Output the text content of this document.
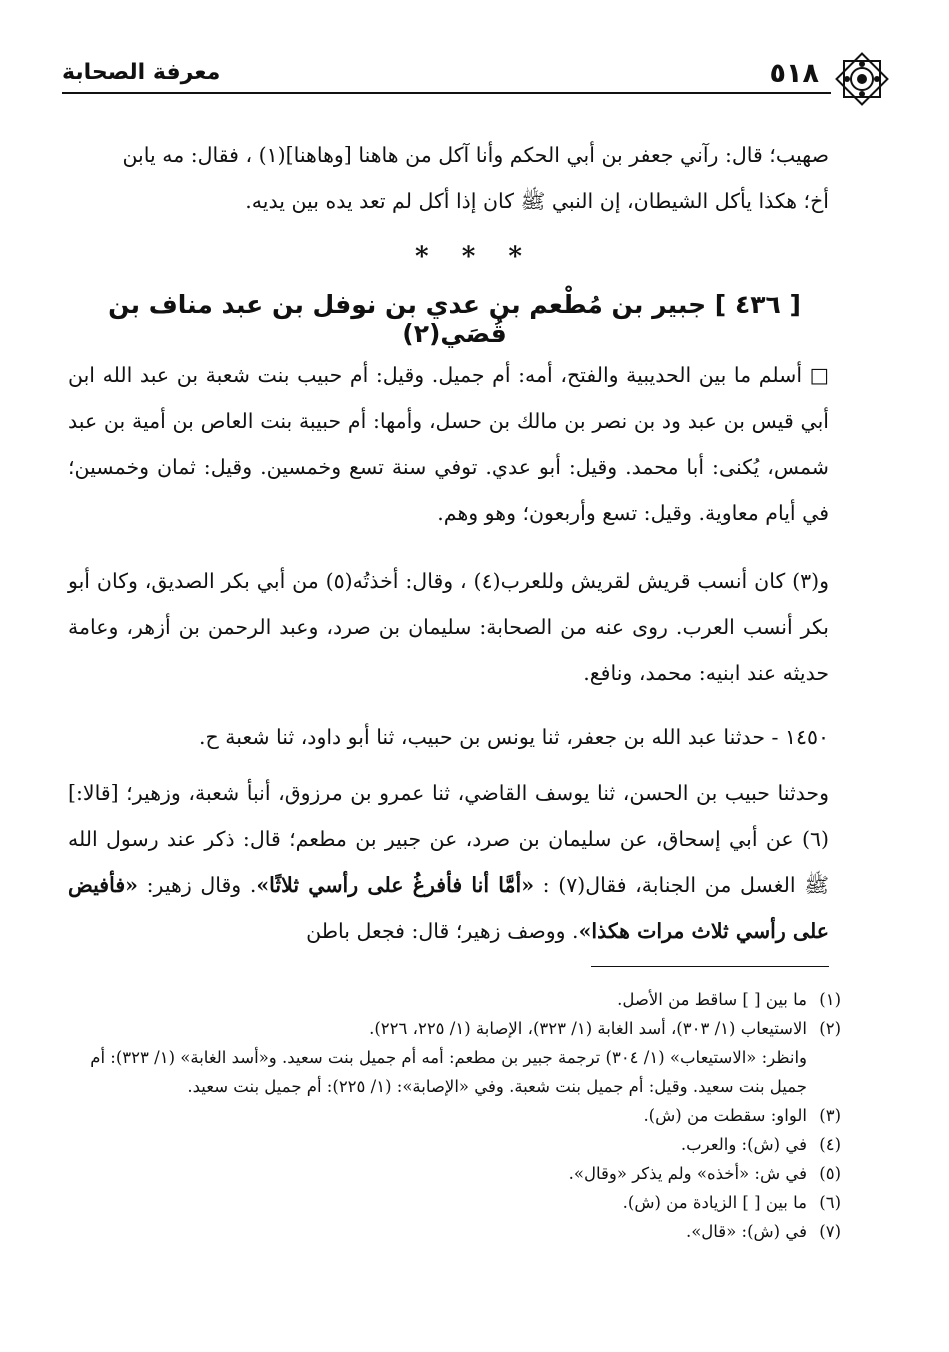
٥١٨
معرفة الصحابة

صهيب؛ قال: رآني جعفر بن أبي الحكم وأنا آكل من هاهنا [وهاهنا](١) ، فقال: مه يابن

أخ؛ هكذا يأكل الشيطان، إن النبي ﷺ كان إذا أكل لم تعد يده بين يديه.

* * *
[ ٤٣٦ ] جبير بن مُطْعم بن عدي بن نوفل بن عبد مناف بن قُصَي(٢)

□ أسلم ما بين الحديبية والفتح، أمه: أم جميل. وقيل: أم حبيب بنت شعبة بن عبد الله ابن أبي قيس بن عبد ود بن نصر بن مالك بن حسل، وأمها: أم حبيبة بنت العاص بن أمية بن عبد شمس، يُكنى: أبا محمد. وقيل: أبو عدي. توفي سنة تسع وخمسين. وقيل: ثمان وخمسين؛ في أيام معاوية. وقيل: تسع وأربعون؛ وهو وهم.

و(٣) كان أنسب قريش لقريش وللعرب(٤) ، وقال: أخذتُه(٥) من أبي بكر الصديق، وكان أبو بكر أنسب العرب. روى عنه من الصحابة: سليمان بن صرد، وعبد الرحمن بن أزهر، وعامة حديثه عند ابنيه: محمد، ونافع.

١٤٥٠ - حدثنا عبد الله بن جعفر، ثنا يونس بن حبيب، ثنا أبو داود، ثنا شعبة ح.

وحدثنا حبيب بن الحسن، ثنا يوسف القاضي، ثنا عمرو بن مرزوق، أنبأ شعبة، وزهير؛ [قالا:](٦) عن أبي إسحاق، عن سليمان بن صرد، عن جبير بن مطعم؛ قال: ذكر عند رسول الله ﷺ الغسل من الجنابة، فقال(٧) : «أمَّا أنا فأفرغُ على رأسي ثلاثًا». وقال زهير: «فأفيض على رأسي ثلاث مرات هكذا». ووصف زهير؛ قال: فجعل باطن

(١)ما بين [ ] ساقط من الأصل.

(٢)الاستيعاب (١/ ٣٠٣)، أسد الغابة (١/ ٣٢٣)، الإصابة (١/ ٢٢٥، ٢٢٦).

وانظر: «الاستيعاب» (١/ ٣٠٤) ترجمة جبير بن مطعم: أمه أم جميل بنت سعيد. و«أسد الغابة» (١/ ٣٢٣): أم جميل بنت سعيد. وقيل: أم جميل بنت شعبة. وفي «الإصابة»: (١/ ٢٢٥): أم جميل بنت سعيد.

(٣)الواو: سقطت من (ش).

(٤)في (ش): والعرب.

(٥)في ش: «أخذه» ولم يذكر «وقال».

(٦)ما بين [ ] الزيادة من (ش).

(٧)في (ش): «قال».
